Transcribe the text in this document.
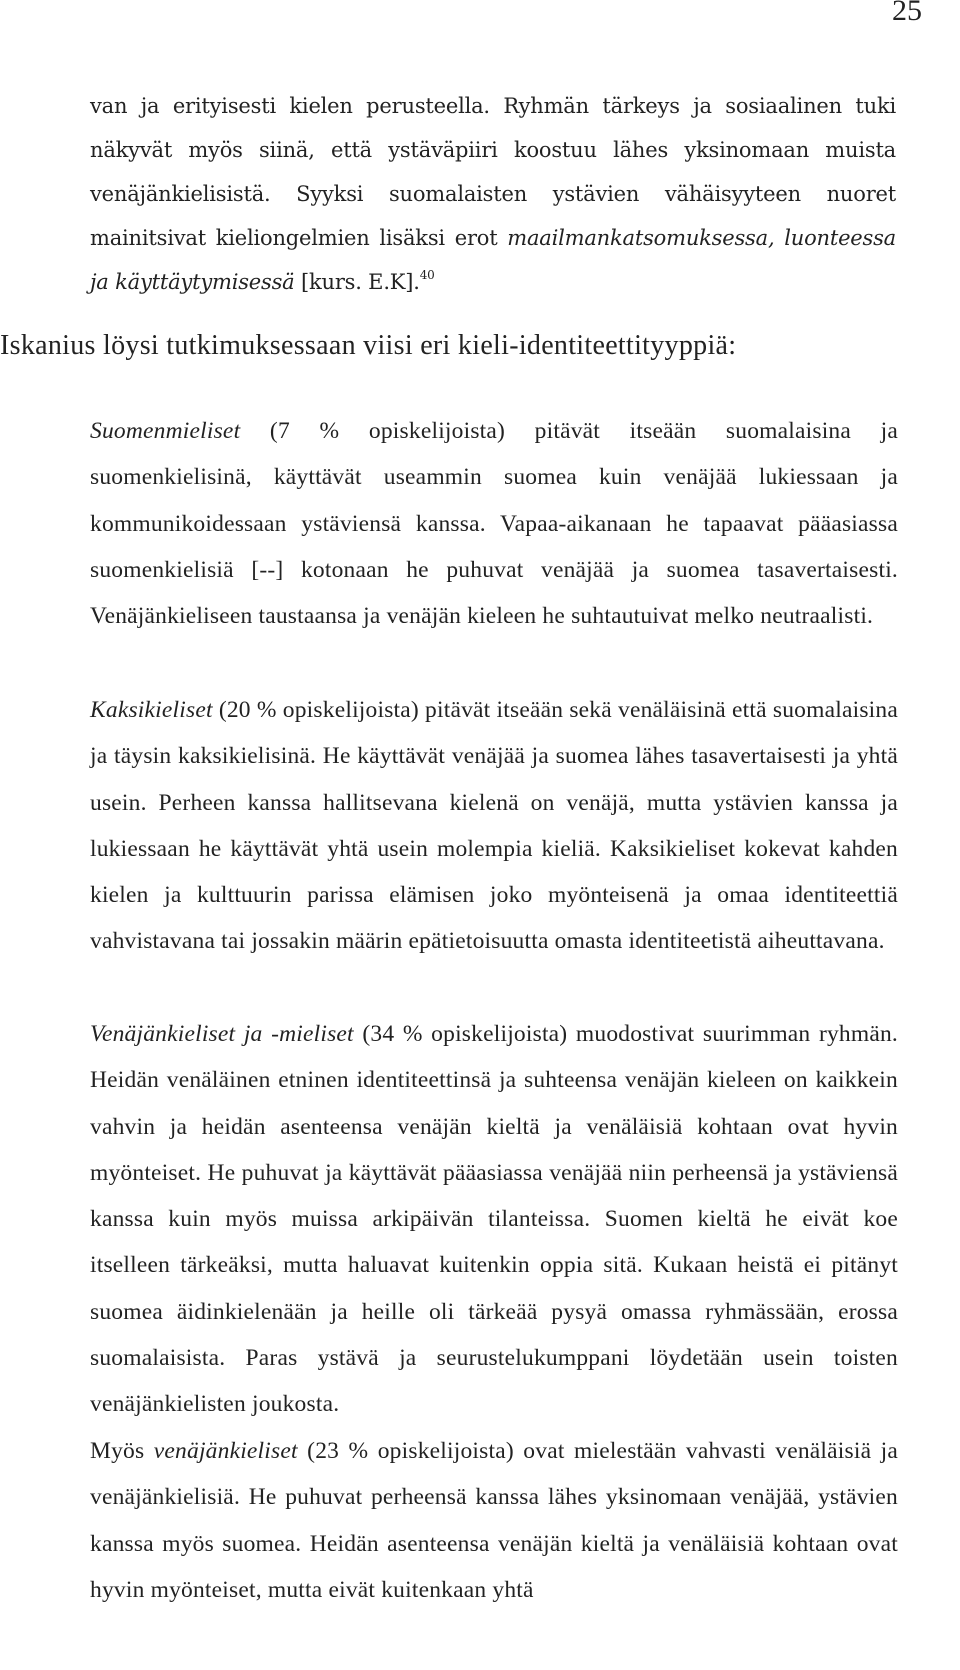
25
van ja erityisesti kielen perusteella. Ryhmän tärkeys ja sosiaalinen tuki näkyvät myös siinä, että ystäväpiiri koostuu lähes yksinomaan muista venäjänkielisistä. Syyksi suomalaisten ystävien vähäisyyteen nuoret mainitsivat kieliongelmien lisäksi erot maailmankatsomuksessa, luonteessa ja käyttäytymisessä [kurs. E.K].$^{40}$
Iskanius löysi tutkimuksessaan viisi eri kieli-identiteettityyppiä:

Suomenmieliset (7 % opiskelijoista) pitävät itseään suomalaisina ja suomenkielisinä, käyttävät useammin suomea kuin venäjää lukiessaan ja kommunikoidessaan ystäviensä kanssa. Vapaa-aikanaan he tapaavat pääasiassa suomenkielisiä [--] kotonaan he puhuvat venäjää ja suomea tasavertaisesti. Venäjänkieliseen taustaansa ja venäjän kieleen he suhtautuivat melko neutraalisti.

Kaksikieliset (20 % opiskelijoista) pitävät itseään sekä venäläisinä että suomalaisina ja täysin kaksikielisinä. He käyttävät venäjää ja suomea lähes tasavertaisesti ja yhtä usein. Perheen kanssa hallitsevana kielenä on venäjä, mutta ystävien kanssa ja lukiessaan he käyttävät yhtä usein molempia kieliä. Kaksikieliset kokevat kahden kielen ja kulttuurin parissa elämisen joko myönteisenä ja omaa identiteettiä vahvistavana tai jossakin määrin epätietoisuutta omasta identiteetistä aiheuttavana.

Venäjänkieliset ja -mieliset (34 % opiskelijoista) muodostivat suurimman ryhmän. Heidän venäläinen etninen identiteettinsä ja suhteensa venäjän kieleen on kaikkein vahvin ja heidän asenteensa venäjän kieltä ja venäläisiä kohtaan ovat hyvin myönteiset. He puhuvat ja käyttävät pääasiassa venäjää niin perheensä ja ystäviensä kanssa kuin myös muissa arkipäivän tilanteissa. Suomen kieltä he eivät koe itselleen tärkeäksi, mutta haluavat kuitenkin oppia sitä. Kukaan heistä ei pitänyt suomea äidinkielenään ja heille oli tärkeää pysyä omassa ryhmässään, erossa suomalaisista. Paras ystävä ja seurustelukumppani löydetään usein toisten venäjänkielisten joukosta.

Myös venäjänkieliset (23 % opiskelijoista) ovat mielestään vahvasti venäläisiä ja venäjänkielisiä. He puhuvat perheensä kanssa lähes yksinomaan venäjää, ystävien kanssa myös suomea. Heidän asenteensa venäjän kieltä ja venäläisiä kohtaan ovat hyvin myönteiset, mutta eivät kuitenkaan yhtä
